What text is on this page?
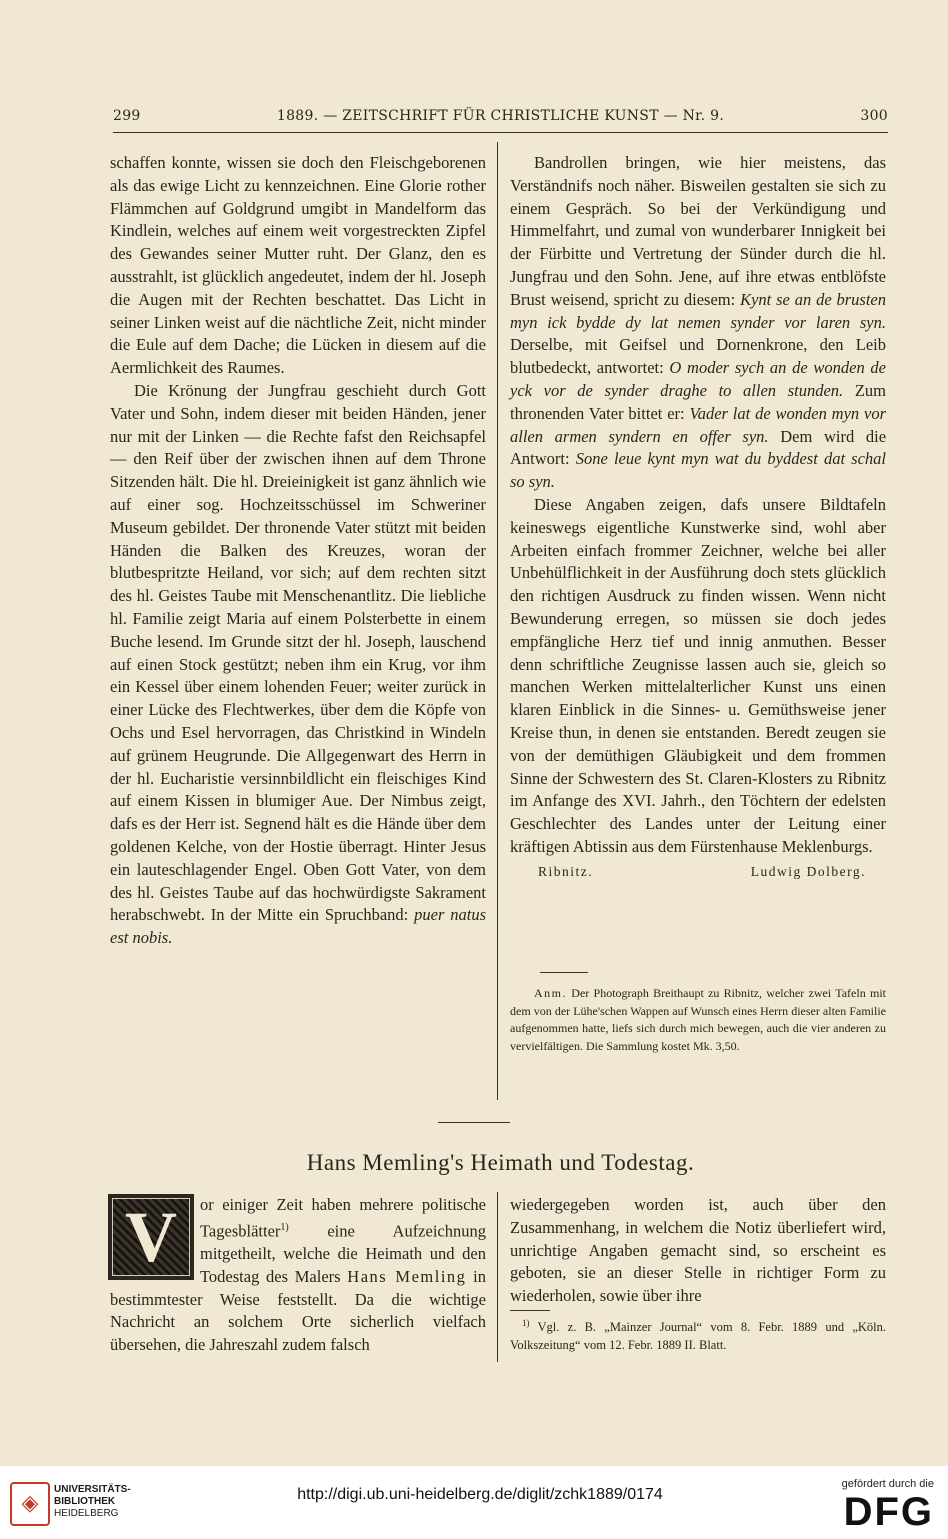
299	1889. — ZEITSCHRIFT FÜR CHRISTLICHE KUNST — Nr. 9.	300

schaffen konnte, wissen sie doch den Fleischgeborenen als das ewige Licht zu kennzeichnen. Eine Glorie rother Flämmchen auf Goldgrund umgibt in Mandelform das Kindlein, welches auf einem weit vorgestreckten Zipfel des Gewandes seiner Mutter ruht. Der Glanz, den es ausstrahlt, ist glücklich angedeutet, indem der hl. Joseph die Augen mit der Rechten beschattet. Das Licht in seiner Linken weist auf die nächtliche Zeit, nicht minder die Eule auf dem Dache; die Lücken in diesem auf die Aermlichkeit des Raumes.

Die Krönung der Jungfrau geschieht durch Gott Vater und Sohn, indem dieser mit beiden Händen, jener nur mit der Linken — die Rechte fafst den Reichsapfel — den Reif über der zwischen ihnen auf dem Throne Sitzenden hält. Die hl. Dreieinigkeit ist ganz ähnlich wie auf einer sog. Hochzeitsschüssel im Schweriner Museum gebildet. Der thronende Vater stützt mit beiden Händen die Balken des Kreuzes, woran der blutbespritzte Heiland, vor sich; auf dem rechten sitzt des hl. Geistes Taube mit Menschenantlitz. Die liebliche hl. Familie zeigt Maria auf einem Polsterbette in einem Buche lesend. Im Grunde sitzt der hl. Joseph, lauschend auf einen Stock gestützt; neben ihm ein Krug, vor ihm ein Kessel über einem lohenden Feuer; weiter zurück in einer Lücke des Flechtwerkes, über dem die Köpfe von Ochs und Esel hervorragen, das Christkind in Windeln auf grünem Heugrunde. Die Allgegenwart des Herrn in der hl. Eucharistie versinnbildlicht ein fleischiges Kind auf einem Kissen in blumiger Aue. Der Nimbus zeigt, dafs es der Herr ist. Segnend hält es die Hände über dem goldenen Kelche, von der Hostie überragt. Hinter Jesus ein lauteschlagender Engel. Oben Gott Vater, von dem des hl. Geistes Taube auf das hochwürdigste Sakrament herabschwebt. In der Mitte ein Spruchband: puer natus est nobis.

Bandrollen bringen, wie hier meistens, das Verständnifs noch näher. Bisweilen gestalten sie sich zu einem Gespräch. So bei der Verkündigung und Himmelfahrt, und zumal von wunderbarer Innigkeit bei der Fürbitte und Vertretung der Sünder durch die hl. Jungfrau und den Sohn. Jene, auf ihre etwas entblöfste Brust weisend, spricht zu diesem: Kynt se an de brusten myn ick bydde dy lat nemen synder vor laren syn. Derselbe, mit Geifsel und Dornenkrone, den Leib blutbedeckt, antwortet: O moder sych an de wonden de yck vor de synder draghe to allen stunden. Zum thronenden Vater bittet er: Vader lat de wonden myn vor allen armen syndern en offer syn. Dem wird die Antwort: Sone leue kynt myn wat du byddest dat schal so syn.

Diese Angaben zeigen, dafs unsere Bildtafeln keineswegs eigentliche Kunstwerke sind, wohl aber Arbeiten einfach frommer Zeichner, welche bei aller Unbehülflichkeit in der Ausführung doch stets glücklich den richtigen Ausdruck zu finden wissen. Wenn nicht Bewunderung erregen, so müssen sie doch jedes empfängliche Herz tief und innig anmuthen. Besser denn schriftliche Zeugnisse lassen auch sie, gleich so manchen Werken mittelalterlicher Kunst uns einen klaren Einblick in die Sinnes- u. Gemüthsweise jener Kreise thun, in denen sie entstanden. Beredt zeugen sie von der demüthigen Gläubigkeit und dem frommen Sinne der Schwestern des St. Claren-Klosters zu Ribnitz im Anfange des XVI. Jahrh., den Töchtern der edelsten Geschlechter des Landes unter der Leitung einer kräftigen Abtissin aus dem Fürstenhause Meklenburgs.

Ribnitz.	Ludwig Dolberg.
Anm. Der Photograph Breithaupt zu Ribnitz, welcher zwei Tafeln mit dem von der Lühe'schen Wappen auf Wunsch eines Herrn dieser alten Familie aufgenommen hatte, liefs sich durch mich bewegen, auch die vier anderen zu vervielfältigen. Die Sammlung kostet Mk. 3,50.
Hans Memling's Heimath und Todestag.
V	or einiger Zeit haben mehrere politische Tagesblätter$^{1)}$ eine Aufzeichnung mitgetheilt, welche die Heimath und den Todestag des Malers Hans Memling in bestimmtester Weise feststellt. Da die wichtige Nachricht an solchem Orte sicherlich vielfach übersehen, die Jahreszahl zudem falsch

wiedergegeben worden ist, auch über den Zusammenhang, in welchem die Notiz überliefert wird, unrichtige Angaben gemacht sind, so erscheint es geboten, sie an dieser Stelle in richtiger Form zu wiederholen, sowie über ihre

$^{1)}$ Vgl. z. B. „Mainzer Journal“ vom 8. Febr. 1889 und „Köln. Volkszeitung“ vom 12. Febr. 1889 II. Blatt.
◈
UNIVERSITÄTS-
BIBLIOTHEK
HEIDELBERG
http://digi.ub.uni-heidelberg.de/diglit/zchk1889/0174
gefördert durch die
DFG
